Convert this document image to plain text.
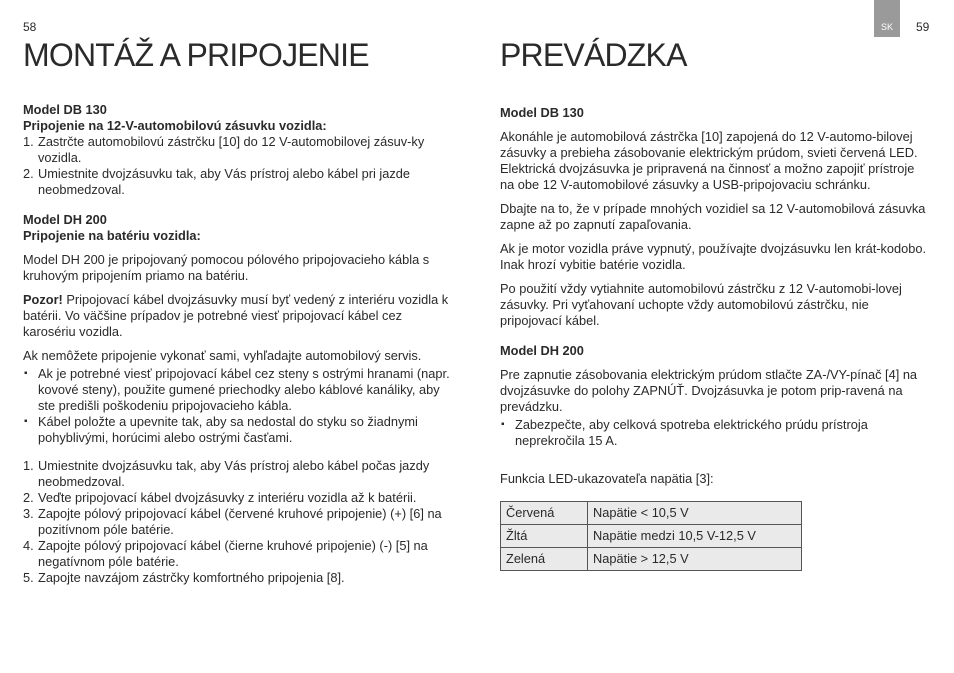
58
MONTÁŽ A PRIPOJENIE
Model DB 130
Pripojenie na 12-V-automobilovú zásuvku vozidla:
1. Zastrčte automobilovú zástrčku [10] do 12 V-automobilovej zásuv-ky vozidla.
2. Umiestnite dvojzásuvku tak, aby Vás prístroj alebo kábel pri jazde neobmedzoval.
Model DH 200
Pripojenie na batériu vozidla:

Model DH 200 je pripojovaný pomocou pólového pripojovacieho kábla s kruhovým pripojením priamo na batériu.

Pozor! Pripojovací kábel dvojzásuvky musí byť vedený z interiéru vozidla k batérii. Vo väčšine prípadov je potrebné viesť pripojovací kábel cez karosériu vozidla.

Ak nemôžete pripojenie vykonať sami, vyhľadajte automobilový servis.

▪ Ak je potrebné viesť pripojovací kábel cez steny s ostrými hranami (napr. kovové steny), použite gumené priechodky alebo káblové kanáliky, aby ste predišli poškodeniu pripojovacieho kábla.
▪ Kábel položte a upevnite tak, aby sa nedostal do styku so žiadnymi pohyblivými, horúcimi alebo ostrými časťami.
1. Umiestnite dvojzásuvku tak, aby Vás prístroj alebo kábel počas jazdy neobmedzoval.
2. Veďte pripojovací kábel dvojzásuvky z interiéru vozidla až k batérii.
3. Zapojte pólový pripojovací kábel (červené kruhové pripojenie) (+) [6] na pozitívnom póle batérie.
4. Zapojte pólový pripojovací kábel (čierne kruhové pripojenie) (-) [5] na negatívnom póle batérie.
5. Zapojte navzájom zástrčky komfortného pripojenia [8].
SK	59
PREVÁDZKA
Model DB 130

Akonáhle je automobilová zástrčka [10] zapojená do 12 V-automo-bilovej zásuvky a prebieha zásobovanie elektrickým prúdom, svieti červená LED. Elektrická dvojzásuvka je pripravená na činnosť a možno zapojiť prístroje na obe 12 V-automobilové zásuvky a USB-pripojovaciu schránku.

Dbajte na to, že v prípade mnohých vozidiel sa 12 V-automobilová zásuvka zapne až po zapnutí zapaľovania.

Ak je motor vozidla práve vypnutý, používajte dvojzásuvku len krát-kodobo. Inak hrozí vybitie batérie vozidla.

Po použití vždy vytiahnite automobilovú zástrčku z 12 V-automobi-lovej zásuvky. Pri vyťahovaní uchopte vždy automobilovú zástrčku, nie pripojovací kábel.

Model DH 200

Pre zapnutie zásobovania elektrickým prúdom stlačte ZA-/VY-pínač [4] na dvojzásuvke do polohy ZAPNÚŤ. Dvojzásuvka je potom prip-ravená na prevádzku.

▪ Zabezpečte, aby celková spotreba elektrického prúdu prístroja neprekročila 15 A.

Funkcia LED-ukazovateľa napätia [3]:

Červená	Napätie < 10,5 V
Žltá	Napätie medzi 10,5 V-12,5 V
Zelená	Napätie > 12,5 V
